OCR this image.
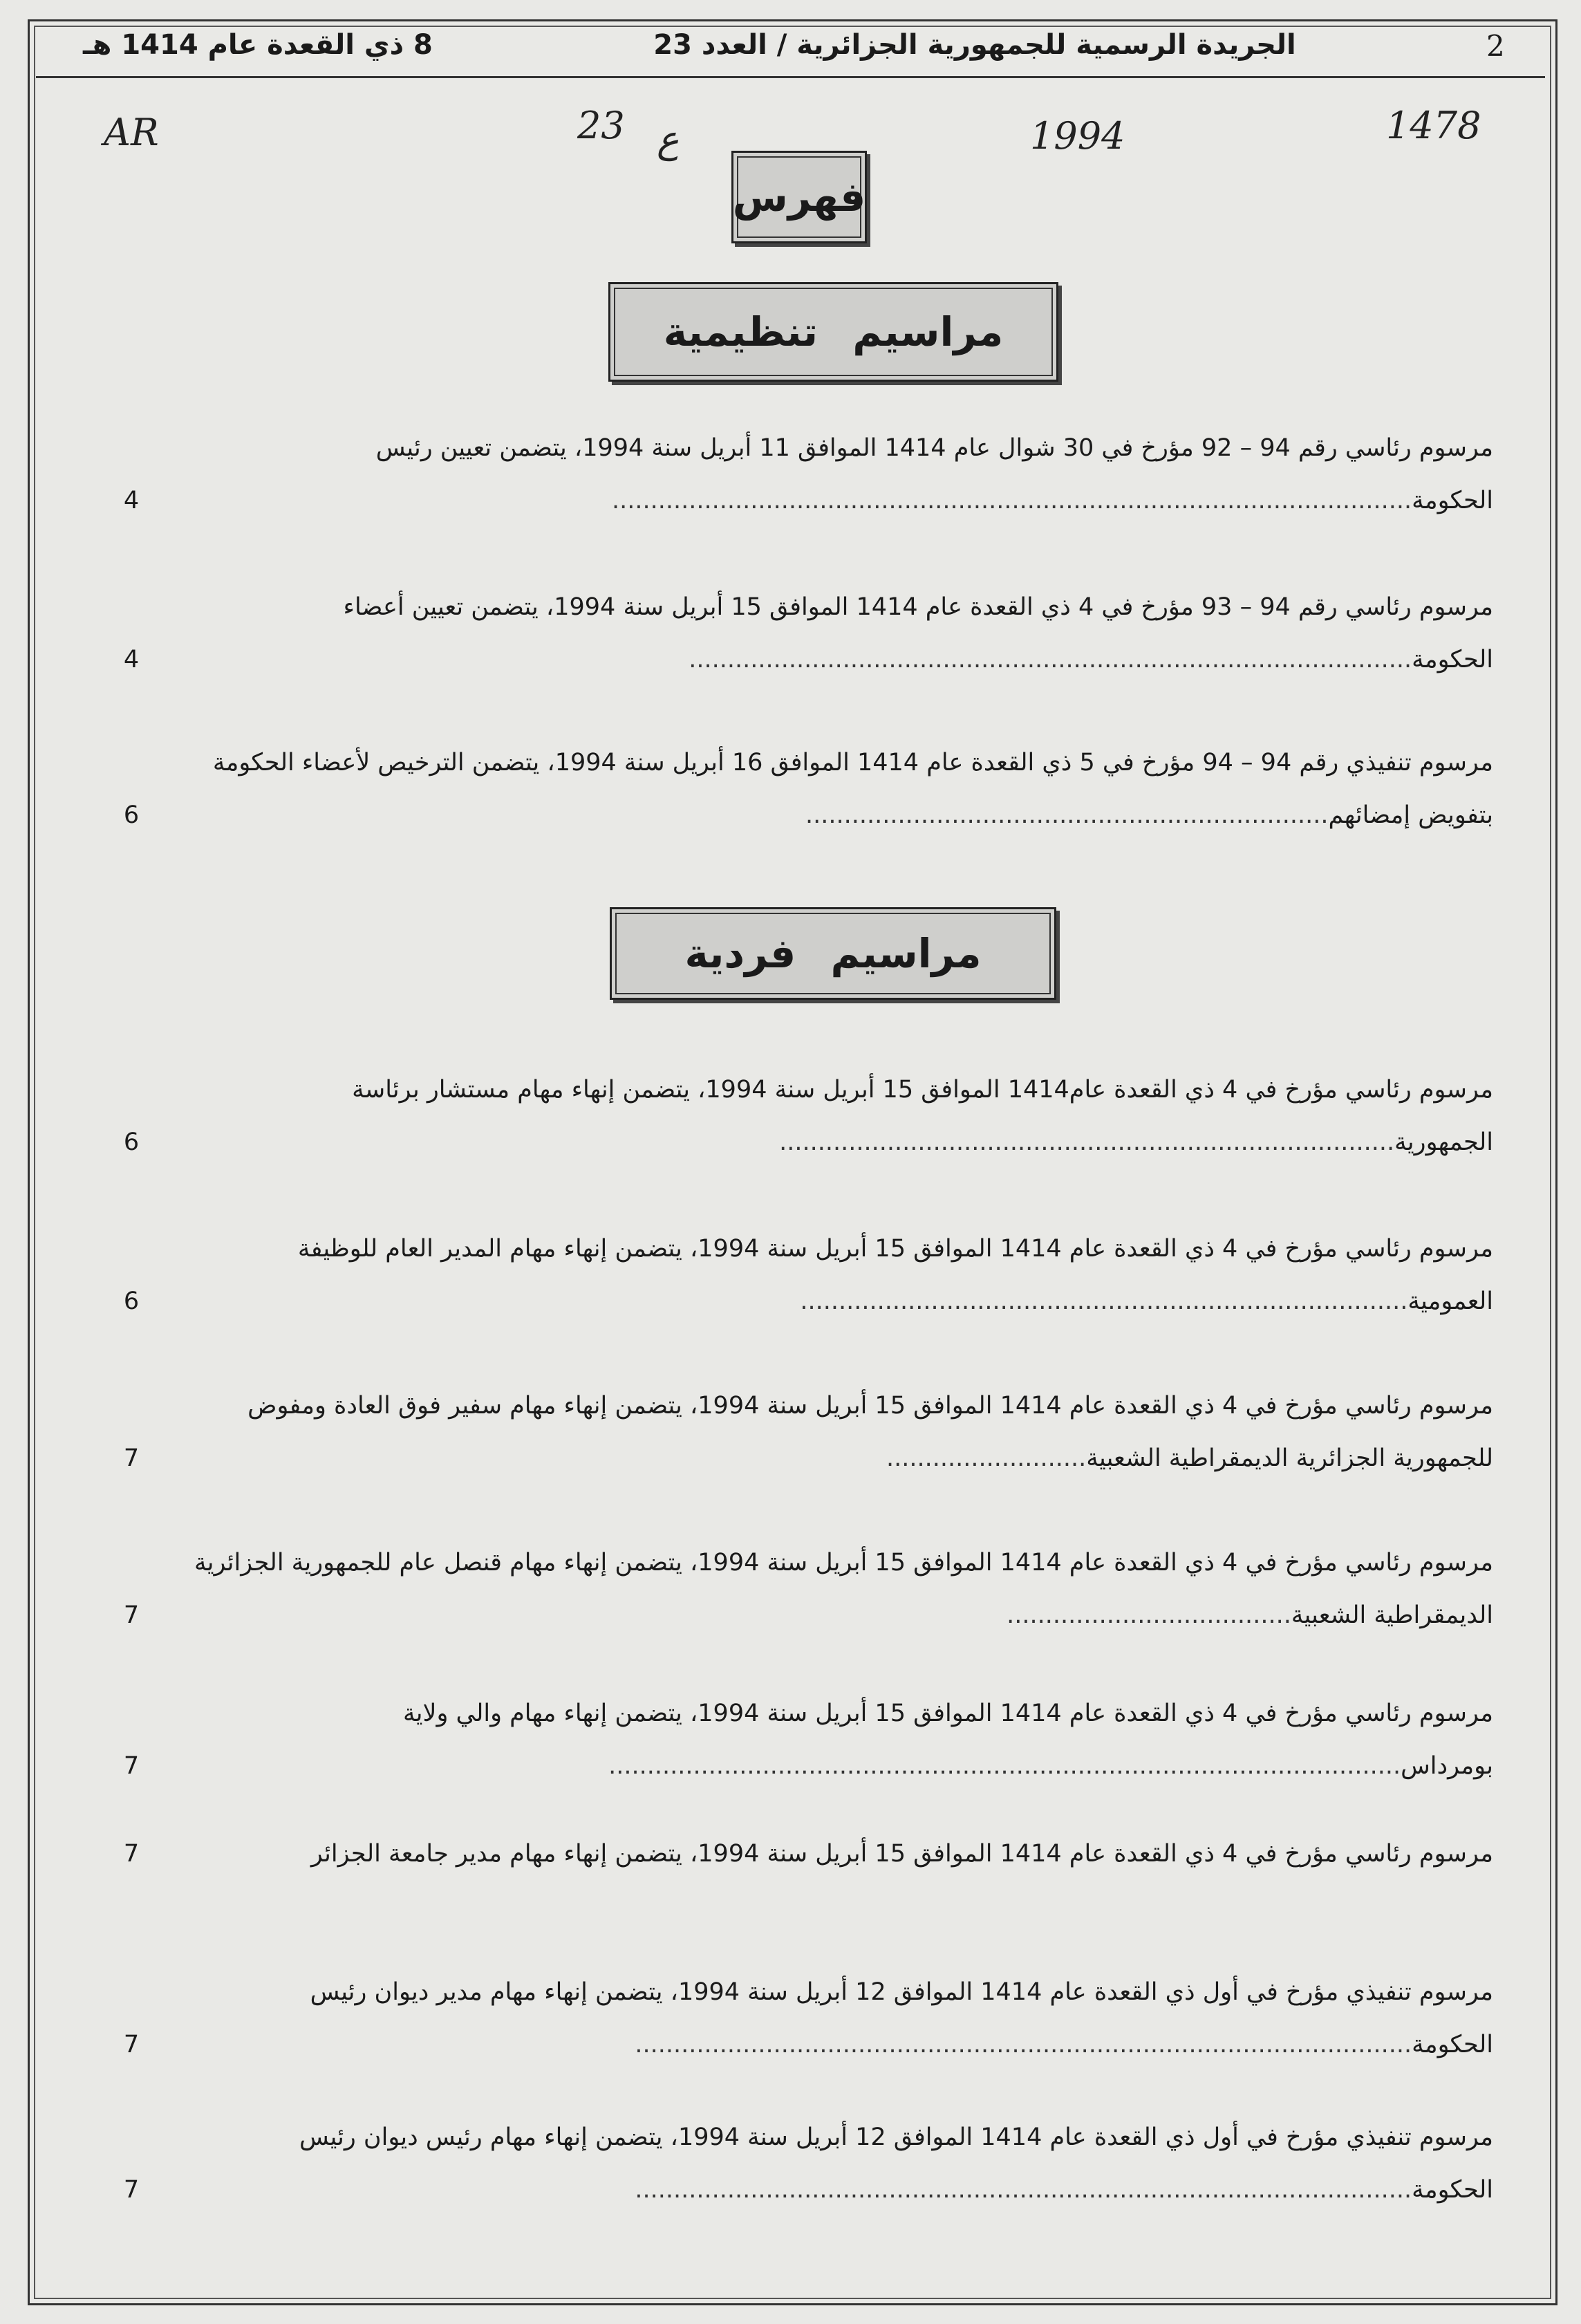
2
الجريدة الرسمية للجمهورية الجزائرية / العدد 23
8 ذي القعدة عام 1414 هـ
AR	23 ع	1994	1478
فهرس
مراسيم تنظيمية
مراسيم فردية
مرسوم رئاسي رقم 94 – 92 مؤرخ في 30 شوال عام 1414 الموافق 11 أبريل سنة 1994، يتضمن تعيين رئيس الحكومة........................................................................................................
4
مرسوم رئاسي رقم 94 – 93 مؤرخ في 4 ذي القعدة عام 1414 الموافق 15 أبريل سنة 1994، يتضمن تعيين أعضاء الحكومة..............................................................................................
4
مرسوم تنفيذي رقم 94 – 94 مؤرخ في 5 ذي القعدة عام 1414 الموافق 16 أبريل سنة 1994، يتضمن الترخيص لأعضاء الحكومة بتفويض إمضائهم....................................................................
6
مرسوم رئاسي مؤرخ في 4 ذي القعدة عام1414 الموافق 15 أبريل سنة 1994، يتضمن إنهاء مهام مستشار برئاسة الجمهورية................................................................................
6
مرسوم رئاسي مؤرخ في 4 ذي القعدة عام 1414 الموافق 15 أبريل سنة 1994، يتضمن إنهاء مهام المدير العام للوظيفة العمومية...............................................................................
6
مرسوم رئاسي مؤرخ في 4 ذي القعدة عام 1414 الموافق 15 أبريل سنة 1994، يتضمن إنهاء مهام سفير فوق العادة ومفوض للجمهورية الجزائرية الديمقراطية الشعبية..........................
7
مرسوم رئاسي مؤرخ في 4 ذي القعدة عام 1414 الموافق 15 أبريل سنة 1994، يتضمن إنهاء مهام قنصل عام للجمهورية الجزائرية الديمقراطية الشعبية.....................................
7
مرسوم رئاسي مؤرخ في 4 ذي القعدة عام 1414 الموافق 15 أبريل سنة 1994، يتضمن إنهاء مهام والي ولاية بومرداس.......................................................................................................
7
مرسوم رئاسي مؤرخ في 4 ذي القعدة عام 1414 الموافق 15 أبريل سنة 1994، يتضمن إنهاء مهام مدير جامعة الجزائر
7
مرسوم تنفيذي مؤرخ في أول ذي القعدة عام 1414 الموافق 12 أبريل سنة 1994، يتضمن إنهاء مهام مدير ديوان رئيس الحكومة.....................................................................................................
7
مرسوم تنفيذي مؤرخ في أول ذي القعدة عام 1414 الموافق 12 أبريل سنة 1994، يتضمن إنهاء مهام رئيس ديوان رئيس الحكومة.....................................................................................................
7
